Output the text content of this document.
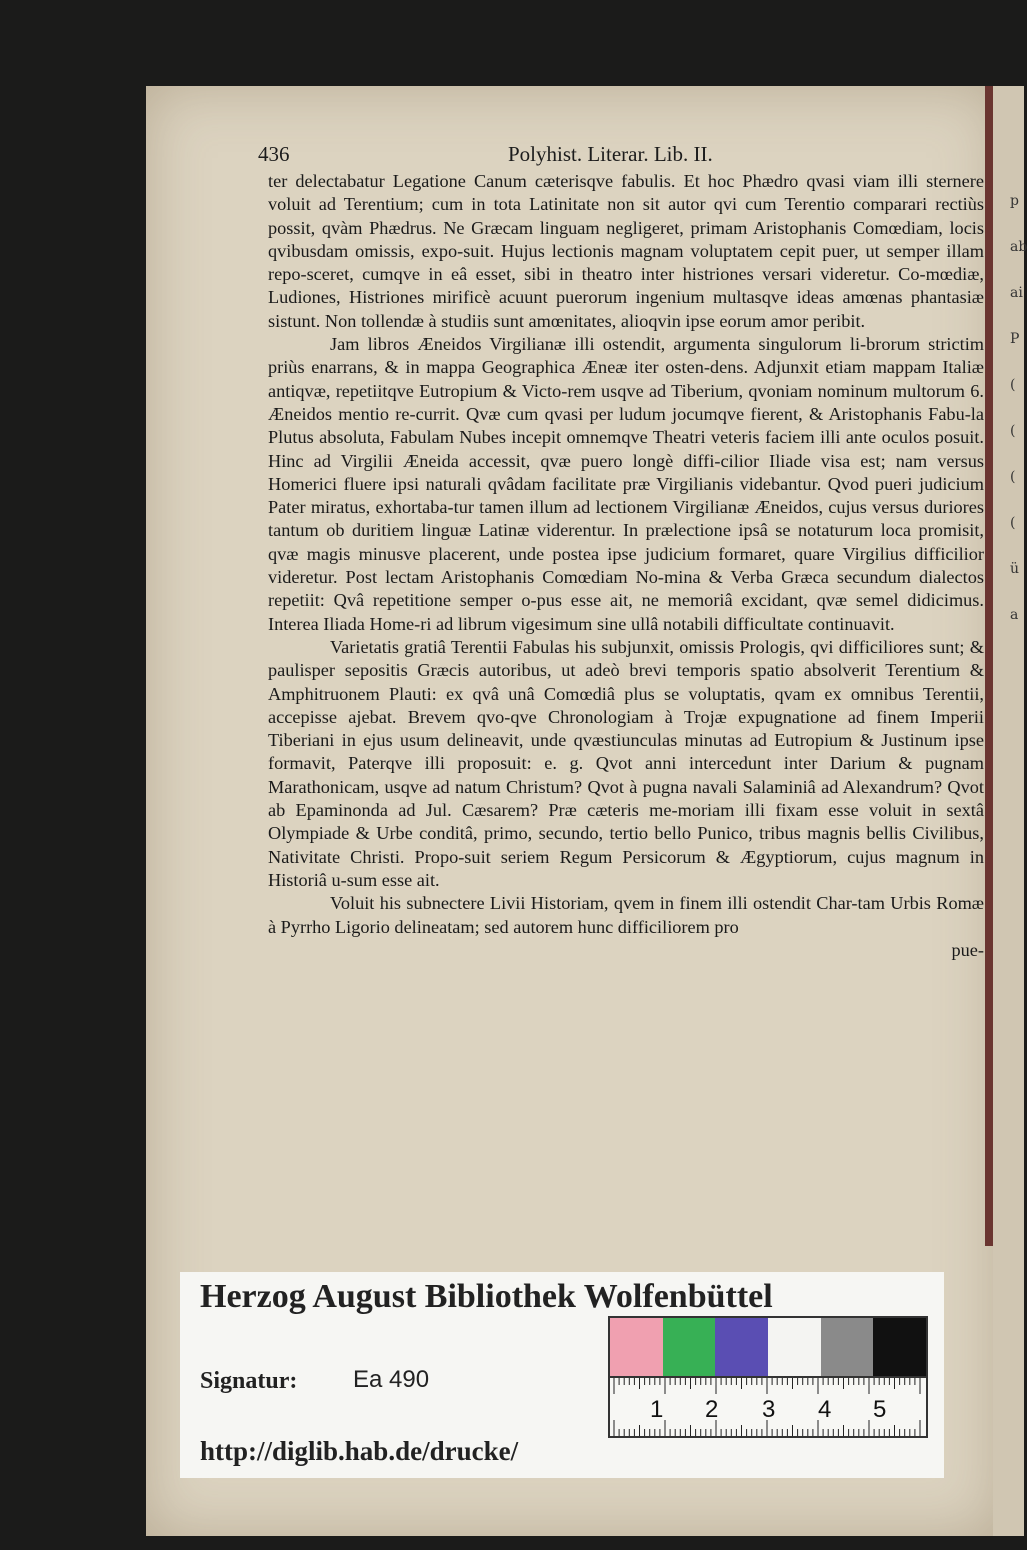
p
ab
ai
P
(
(
(
(
ü
a
436	Polyhist. Literar. Lib. II.

ter delectabatur Legatione Canum cæterisqve fabulis. Et hoc Phædro qvasi viam illi sternere voluit ad Terentium; cum in tota Latinitate non sit autor qvi cum Terentio comparari rectiùs possit, qvàm Phædrus. Ne Græcam linguam negligeret, primam Aristophanis Comœdiam, locis qvibusdam omissis, expo-suit. Hujus lectionis magnam voluptatem cepit puer, ut semper illam repo-sceret, cumqve in eâ esset, sibi in theatro inter histriones versari videretur. Co-mœdiæ, Ludiones, Histriones mirificè acuunt puerorum ingenium multasqve ideas amœnas phantasiæ sistunt. Non tollendæ à studiis sunt amœnitates, alioqvin ipse eorum amor peribit.

Jam libros Æneidos Virgilianæ illi ostendit, argumenta singulorum li-brorum strictim priùs enarrans, & in mappa Geographica Æneæ iter osten-dens. Adjunxit etiam mappam Italiæ antiqvæ, repetiitqve Eutropium & Victo-rem usqve ad Tiberium, qvoniam nominum multorum 6. Æneidos mentio re-currit. Qvæ cum qvasi per ludum jocumqve fierent, & Aristophanis Fabu-la Plutus absoluta, Fabulam Nubes incepit omnemqve Theatri veteris faciem illi ante oculos posuit. Hinc ad Virgilii Æneida accessit, qvæ puero longè diffi-cilior Iliade visa est; nam versus Homerici fluere ipsi naturali qvâdam facilitate præ Virgilianis videbantur. Qvod pueri judicium Pater miratus, exhortaba-tur tamen illum ad lectionem Virgilianæ Æneidos, cujus versus duriores tantum ob duritiem linguæ Latinæ viderentur. In prælectione ipsâ se notaturum loca promisit, qvæ magis minusve placerent, unde postea ipse judicium formaret, quare Virgilius difficilior videretur. Post lectam Aristophanis Comœdiam No-mina & Verba Græca secundum dialectos repetiit: Qvâ repetitione semper o-pus esse ait, ne memoriâ excidant, qvæ semel didicimus. Interea Iliada Home-ri ad librum vigesimum sine ullâ notabili difficultate continuavit.

Varietatis gratiâ Terentii Fabulas his subjunxit, omissis Prologis, qvi difficiliores sunt; & paulisper sepositis Græcis autoribus, ut adeò brevi temporis spatio absolverit Terentium & Amphitruonem Plauti: ex qvâ unâ Comœdiâ plus se voluptatis, qvam ex omnibus Terentii, accepisse ajebat. Brevem qvo-qve Chronologiam à Trojæ expugnatione ad finem Imperii Tiberiani in ejus usum delineavit, unde qvæstiunculas minutas ad Eutropium & Justinum ipse formavit, Paterqve illi proposuit: e. g. Qvot anni intercedunt inter Darium & pugnam Marathonicam, usqve ad natum Christum? Qvot à pugna navali Salaminiâ ad Alexandrum? Qvot ab Epaminonda ad Jul. Cæsarem? Præ cæteris me-moriam illi fixam esse voluit in sextâ Olympiade & Urbe conditâ, primo, secundo, tertio bello Punico, tribus magnis bellis Civilibus, Nativitate Christi. Propo-suit seriem Regum Persicorum & Ægyptiorum, cujus magnum in Historiâ u-sum esse ait.

Voluit his subnectere Livii Historiam, qvem in finem illi ostendit Char-tam Urbis Romæ à Pyrrho Ligorio delineatam; sed autorem hunc difficiliorem pro

pue-

Herzog August Bibliothek Wolfenbüttel
1 2 3 4 5
Signatur: Ea 490
http://diglib.hab.de/drucke/
